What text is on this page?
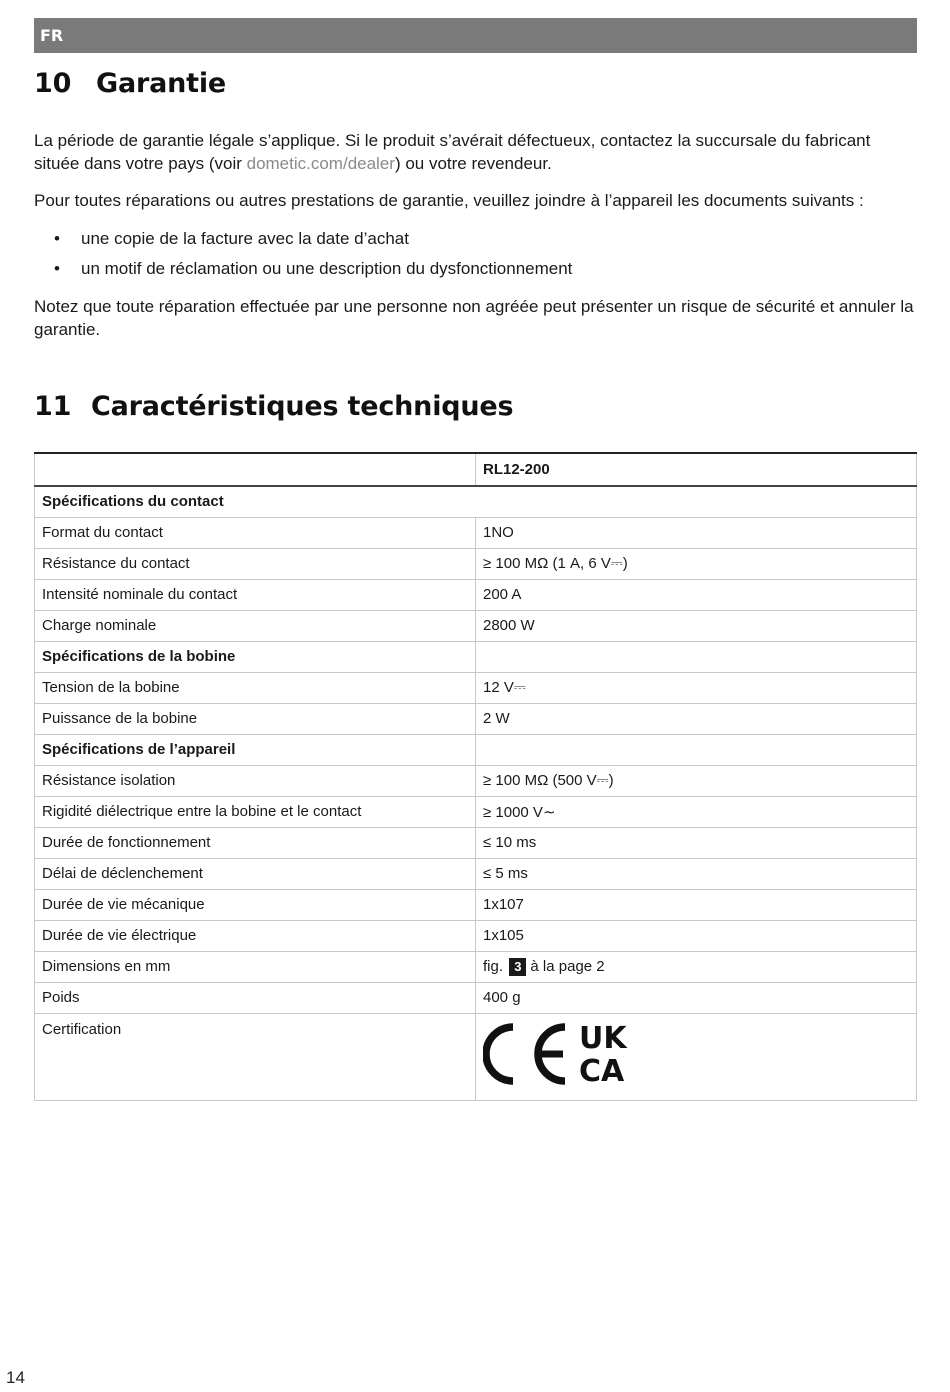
FR
10 Garantie

La période de garantie légale s’applique. Si le produit s’avérait défectueux, contactez la succursale du fabricant située dans votre pays (voir dometic.com/dealer) ou votre revendeur.

Pour toutes réparations ou autres prestations de garantie, veuillez joindre à l’appareil les documents suivants :

• une copie de la facture avec la date d’achat
• un motif de réclamation ou une description du dysfonctionnement

Notez que toute réparation effectuée par une personne non agréée peut présenter un risque de sécurité et annuler la garantie.

11 Caractéristiques techniques
	RL12-200
Spécifications du contact	
Format du contact	1NO
Résistance du contact	≥ 100 MΩ (1 A, 6 V⎓)
Intensité nominale du contact	200 A
Charge nominale	2800 W
Spécifications de la bobine	
Tension de la bobine	12 V⎓
Puissance de la bobine	2 W
Spécifications de l’appareil	
Résistance isolation	≥ 100 MΩ (500 V⎓)
Rigidité diélectrique entre la bobine et le contact	≥ 1000 V∼
Durée de fonctionnement	≤ 10 ms
Délai de déclenchement	≤ 5 ms
Durée de vie mécanique	1x107
Durée de vie électrique	1x105
Dimensions en mm	fig. 3 à la page 2
Poids	400 g
Certification	UK
CA
14
